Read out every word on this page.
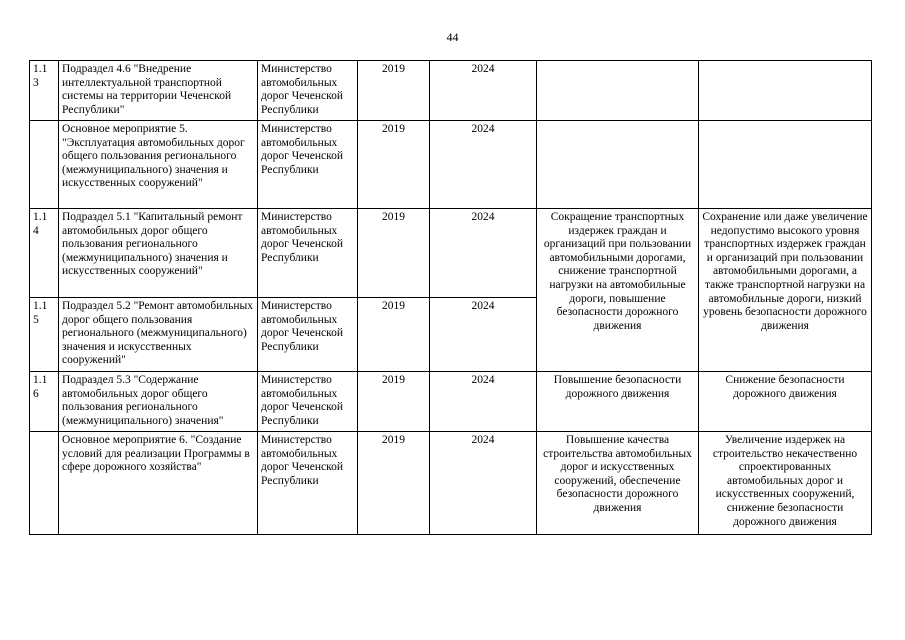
44
1.1
3	Подраздел 4.6 "Внедрение интеллектуальной транспортной системы на территории Чеченской Республики"	Министерство автомобильных дорог Чеченской Республики	2019	2024		
	Основное мероприятие 5. "Эксплуатация автомобильных дорог общего пользования регионального (межмуниципального) значения и искусственных сооружений"	Министерство автомобильных дорог Чеченской Республики	2019	2024		
1.1
4	Подраздел 5.1 "Капитальный ремонт автомобильных дорог общего пользования регионального (межмуниципального) значения и искусственных сооружений"	Министерство автомобильных дорог Чеченской Республики	2019	2024	Сокращение транспортных издержек граждан и организаций при пользовании автомобильными дорогами, снижение транспортной нагрузки на автомобильные дороги, повышение безопасности дорожного движения	Сохранение или даже увеличение недопустимо высокого уровня транспортных издержек граждан и организаций при пользовании автомобильными дорогами, а также транспортной нагрузки на автомобильные дороги, низкий уровень безопасности дорожного движения
1.1
5	Подраздел 5.2 "Ремонт автомобильных дорог общего пользования регионального (межмуниципального) значения и искусственных сооружений"	Министерство автомобильных дорог Чеченской Республики	2019	2024		
1.1
6	Подраздел 5.3 "Содержание автомобильных дорог общего пользования регионального (межмуниципального) значения"	Министерство автомобильных дорог Чеченской Республики	2019	2024	Повышение безопасности дорожного движения	Снижение безопасности дорожного движения
	Основное мероприятие 6. "Создание условий для реализации Программы в сфере дорожного хозяйства"	Министерство автомобильных дорог Чеченской Республики	2019	2024	Повышение качества строительства автомобильных дорог и искусственных сооружений, обеспечение безопасности дорожного движения	Увеличение издержек на строительство некачественно спроектированных автомобильных дорог и искусственных сооружений, снижение безопасности дорожного движения
